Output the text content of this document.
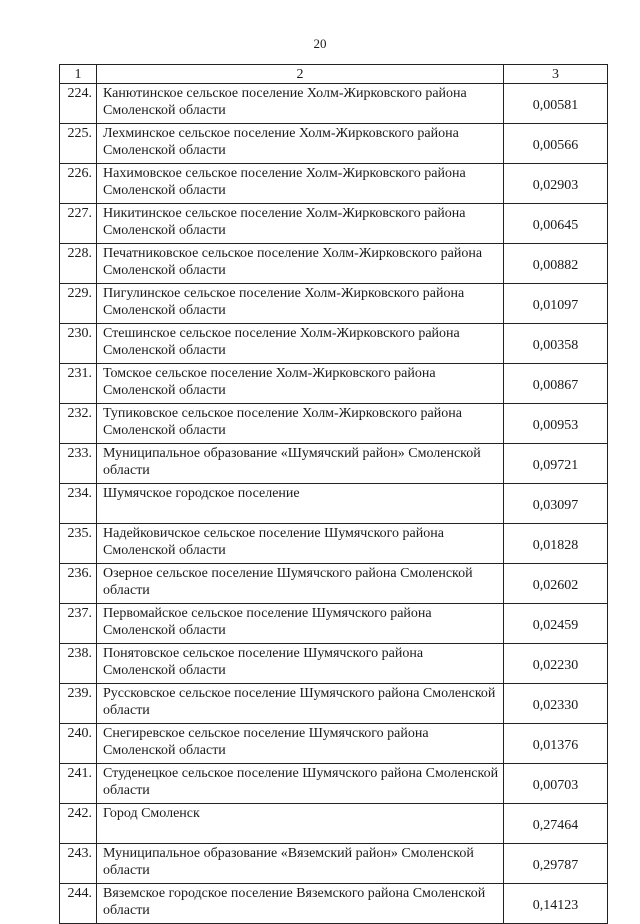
20
1	2	3
224.	Канютинское сельское поселение Холм-Жирковского района Смоленской области	0,00581
225.	Лехминское сельское поселение Холм-Жирковского района Смоленской области	0,00566
226.	Нахимовское сельское поселение Холм-Жирковского района Смоленской области	0,02903
227.	Никитинское сельское поселение Холм-Жирковского района Смоленской области	0,00645
228.	Печатниковское сельское поселение Холм-Жирковского района Смоленской области	0,00882
229.	Пигулинское сельское поселение Холм-Жирковского района Смоленской области	0,01097
230.	Стешинское сельское поселение Холм-Жирковского района Смоленской области	0,00358
231.	Томское сельское поселение Холм-Жирковского района Смоленской области	0,00867
232.	Тупиковское сельское поселение Холм-Жирковского района Смоленской области	0,00953
233.	Муниципальное образование «Шумячский район» Смоленской области	0,09721
234.	Шумячское городское поселение	0,03097
235.	Надейковичское сельское поселение Шумячского района Смоленской области	0,01828
236.	Озерное сельское поселение Шумячского района Смоленской области	0,02602
237.	Первомайское сельское поселение Шумячского района Смоленской области	0,02459
238.	Понятовское сельское поселение Шумячского района Смоленской области	0,02230
239.	Руссковское сельское поселение Шумячского района Смоленской области	0,02330
240.	Снегиревское сельское поселение Шумячского района Смоленской области	0,01376
241.	Студенецкое сельское поселение Шумячского района Смоленской области	0,00703
242.	Город Смоленск	0,27464
243.	Муниципальное образование «Вяземский район» Смоленской области	0,29787
244.	Вяземское городское поселение Вяземского района Смоленской области	0,14123
